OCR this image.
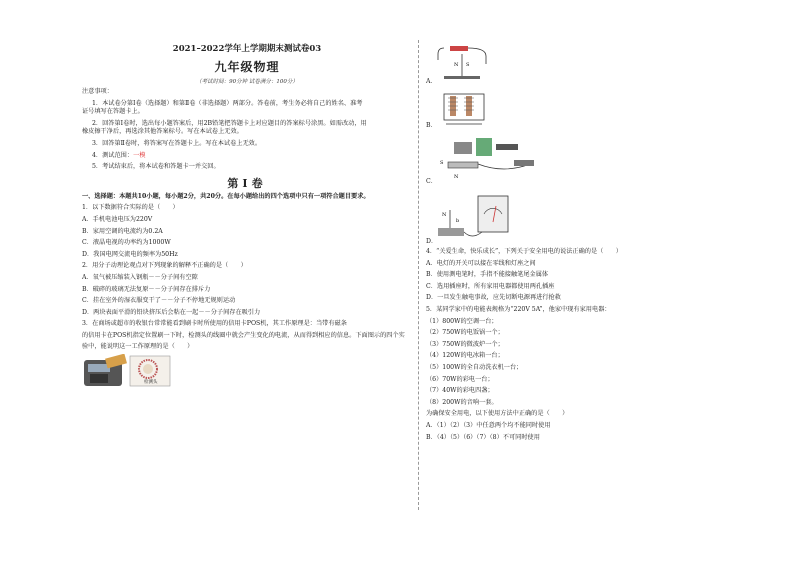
2021–2022学年上学期期末测试卷03
九年级物理
（考试时间：90分钟 试卷满分：100分）
注意事项：
1．本试卷分第Ⅰ卷（选择题）和第Ⅱ卷（非选择题）两部分。答卷前，考生务必将自己的姓名、准考
证号填写在答题卡上。
2．回答第Ⅰ卷时，选出每小题答案后，用2B铅笔把答题卡上对应题目的答案标号涂黑。如需改动，用
橡皮擦干净后，再选涂其他答案标号。写在本试卷上无效。
3．回答第Ⅱ卷时，将答案写在答题卡上。写在本试卷上无效。
4．测试范围：一模
5．考试结束后，将本试卷和答题卡一并交回。
第Ⅰ卷
一、选择题：本题共10小题，每小题2分，共20分。在每小题给出的四个选项中只有一项符合题目要求。
1．以下数据符合实际的是（　　）
A．手机电池电压为220V
B．家用空调的电流约为0.2A
C．液晶电视的功率约为1000W
D．我国电网交流电的频率为50Hz
2．用分子动理论观点对下列现象的解释不正确的是（　　）
A．氧气被压缩装入钢瓶－－分子间有空隙
B．破碎的玻璃无法复原－－分子间存在排斥力
C．挂在室外的湿衣服变干了－－分子不停地无规则运动
D．两块表面平滑的铅块挤压后会粘在一起－－分子间存在吸引力
3．在商场或超市的收银台常常能看到刷卡时所使用的信用卡POS机，其工作原理是：当带有磁条
的信用卡在POS机指定位置刷一下时，检测头的线圈中就会产生变化的电流，从而得到相应的信息。下面图示的四个实
验中，能说明这一工作原理的是（　　）
检测头
A．
N S
B．
C．
S
N
D．
N
b
4．“关爱生命，快乐成长”，下列关于安全用电的说法正确的是（　　）
A．电灯的开关可以接在零线和灯座之间
B．使用测电笔时，手指不能接触笔尾金属体
C．选用插座时，所有家用电器都使用两孔插座
D．一旦发生触电事故，应先切断电源再进行抢救
5．某同学家中的电能表规格为“220V 5A”，他家中现有家用电器：
（1）800W的空调一台；
（2）750W的电饭锅一个；
（3）750W的微波炉一个；
（4）120W的电冰箱一台；
（5）100W的全自动洗衣机一台；
（6）70W的彩电一台；
（7）40W的彩电四盏；
（8）200W的音响一套。
为确保安全用电，以下使用方法中正确的是（　　）
A．（1）（2）（3）中任意两个均不能同时使用
B．（4）（5）（6）（7）（8）不可同时使用
